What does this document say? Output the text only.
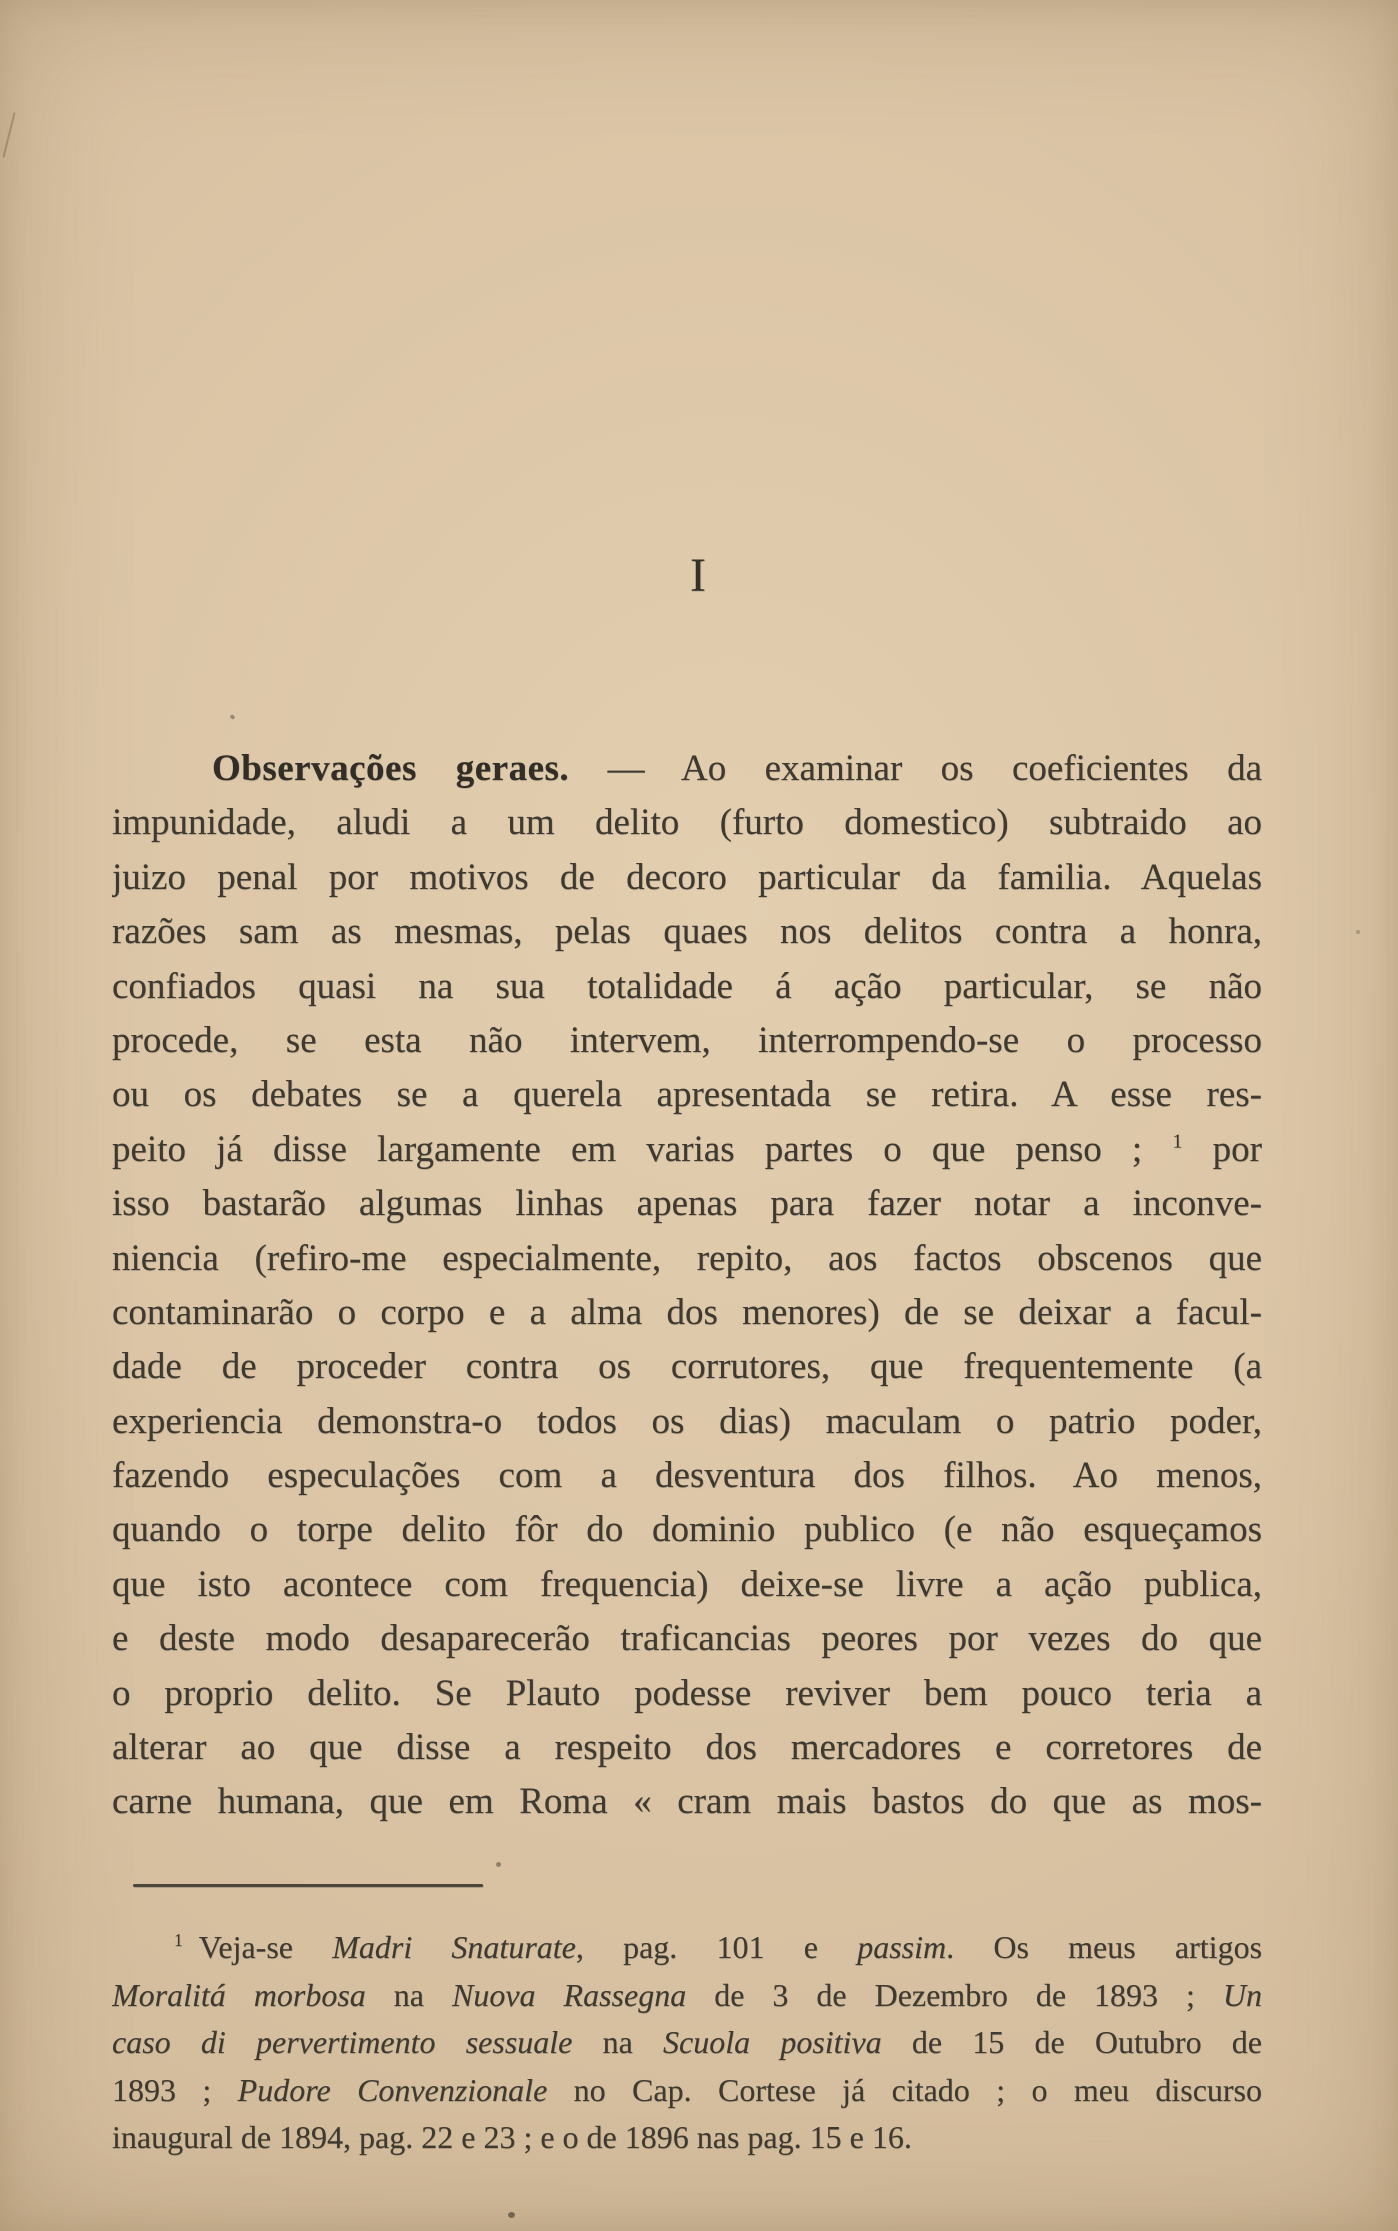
I
Observações geraes. — Ao examinar os coeficientes da
impunidade, aludi a um delito (furto domestico) subtraido ao
juizo penal por motivos de decoro particular da familia. Aquelas
razões sam as mesmas, pelas quaes nos delitos contra a honra,
confiados quasi na sua totalidade á ação particular, se não
procede, se esta não intervem, interrompendo-se o processo
ou os debates se a querela apresentada se retira. A esse res-
peito já disse largamente em varias partes o que penso ; $^1$ por
isso bastarão algumas linhas apenas para fazer notar a inconve-
niencia (refiro-me especialmente, repito, aos factos obscenos que
contaminarão o corpo e a alma dos menores) de se deixar a facul-
dade de proceder contra os corrutores, que frequentemente (a
experiencia demonstra-o todos os dias) maculam o patrio poder,
fazendo especulações com a desventura dos filhos. Ao menos,
quando o torpe delito fôr do dominio publico (e não esqueçamos
que isto acontece com frequencia) deixe-se livre a ação publica,
e deste modo desaparecerão traficancias peores por vezes do que
o proprio delito. Se Plauto podesse reviver bem pouco teria a
alterar ao que disse a respeito dos mercadores e corretores de
carne humana, que em Roma « cram mais bastos do que as mos-
$^1$ Veja-se Madri Snaturate, pag. 101 e passim. Os meus artigos
Moralitá morbosa na Nuova Rassegna de 3 de Dezembro de 1893 ; Un
caso di pervertimento sessuale na Scuola positiva de 15 de Outubro de
1893 ; Pudore Convenzionale no Cap. Cortese já citado ; o meu discurso
inaugural de 1894, pag. 22 e 23 ; e o de 1896 nas pag. 15 e 16.
